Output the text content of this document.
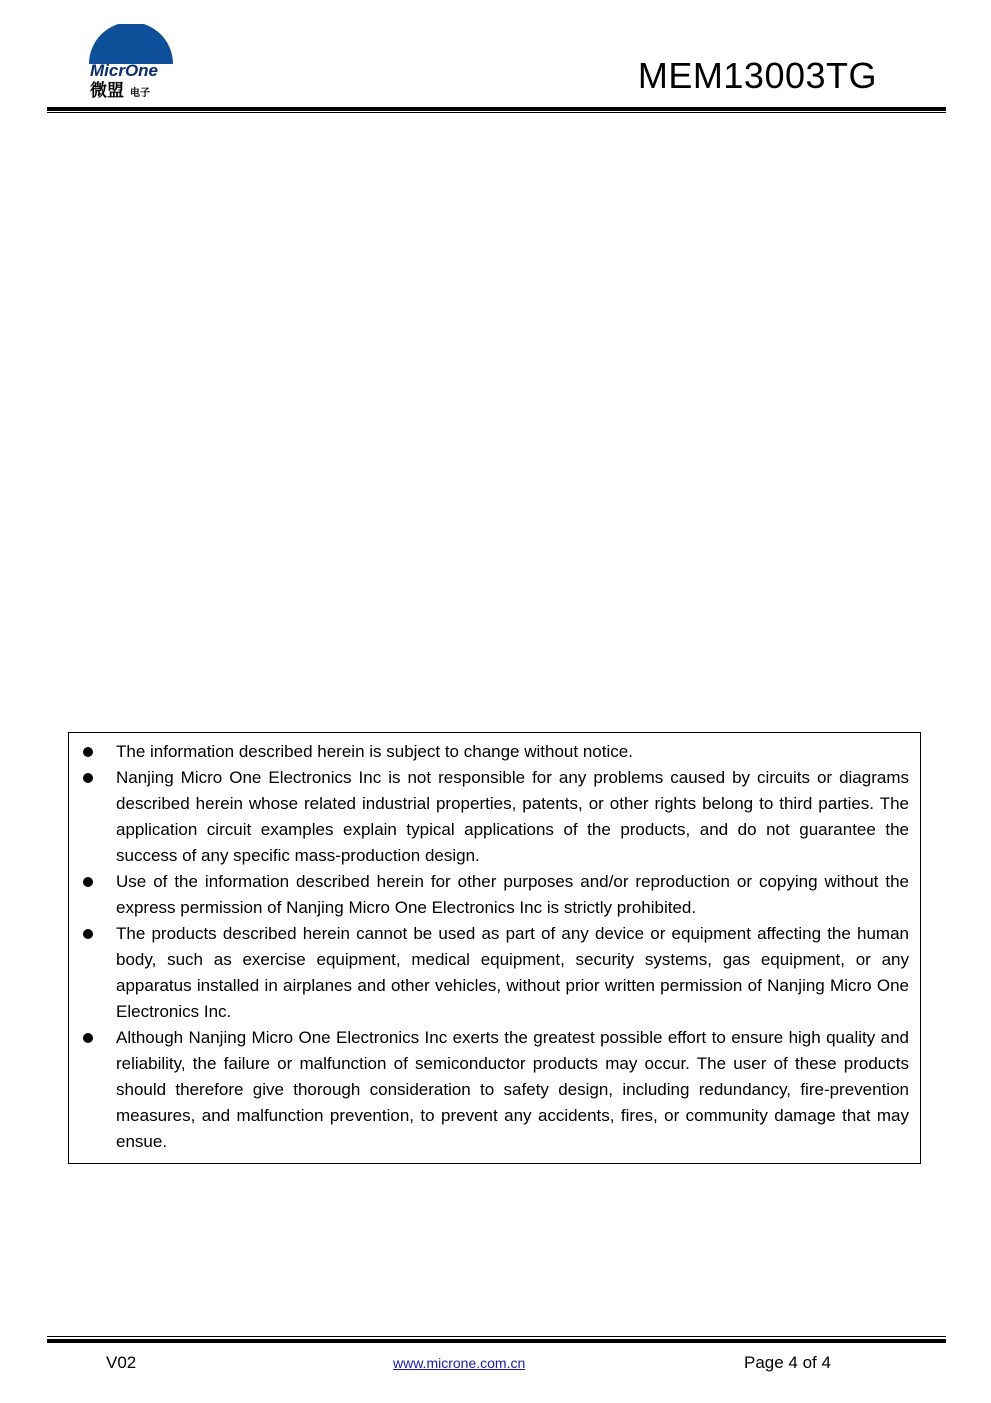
MicrOne
微盟 电子	MEM13003TG
The information described herein is subject to change without notice.
Nanjing Micro One Electronics Inc is not responsible for any problems caused by circuits or diagrams described herein whose related industrial properties, patents, or other rights belong to third parties. The application circuit examples explain typical applications of the products, and do not guarantee the success of any specific mass-production design.
Use of the information described herein for other purposes and/or reproduction or copying without the express permission of Nanjing Micro One Electronics Inc is strictly prohibited.
The products described herein cannot be used as part of any device or equipment affecting the human body, such as exercise equipment, medical equipment, security systems, gas equipment, or any apparatus installed in airplanes and other vehicles, without prior written permission of Nanjing Micro One Electronics Inc.
Although Nanjing Micro One Electronics Inc exerts the greatest possible effort to ensure high quality and reliability, the failure or malfunction of semiconductor products may occur. The user of these products should therefore give thorough consideration to safety design, including redundancy, fire-prevention measures, and malfunction prevention, to prevent any accidents, fires, or community damage that may ensue.
V02	www.microne.com.cn	Page 4 of 4
